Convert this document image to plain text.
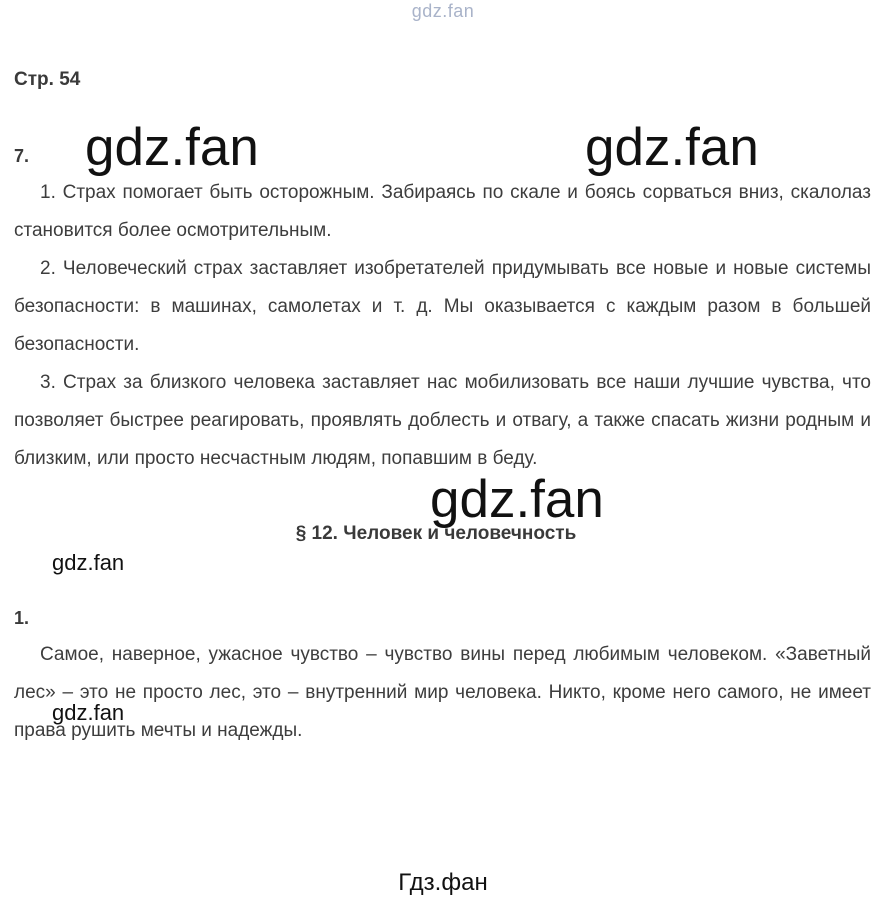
gdz.fan
Стр. 54
7. gdz.fan	gdz.fan

1. Страх помогает быть осторожным. Забираясь по скале и боясь сорваться вниз, скалолаз становится более осмотрительным.

2. Человеческий страх заставляет изобретателей придумывать все новые и новые системы безопасности: в машинах, самолетах и т. д. Мы оказывается с каждым разом в большей безопасности.

3. Страх за близкого человека заставляет нас мобилизовать все наши лучшие чувства, что позволяет быстрее реагировать, проявлять доблесть и отвагу, а также спасать жизни родным и близким, или просто несчастным людям, попавшим в беду.

gdz.fan
§ 12. Человек и человечность
gdz.fan
1.

Самое, наверное, ужасное чувство – чувство вины перед любимым человеком. «Заветный лес» – это не просто лес, это – внутренний мир человека. Никто, кроме него самого, не имеет права рушить мечты и надежды.

gdz.fan
Гдз.фан
